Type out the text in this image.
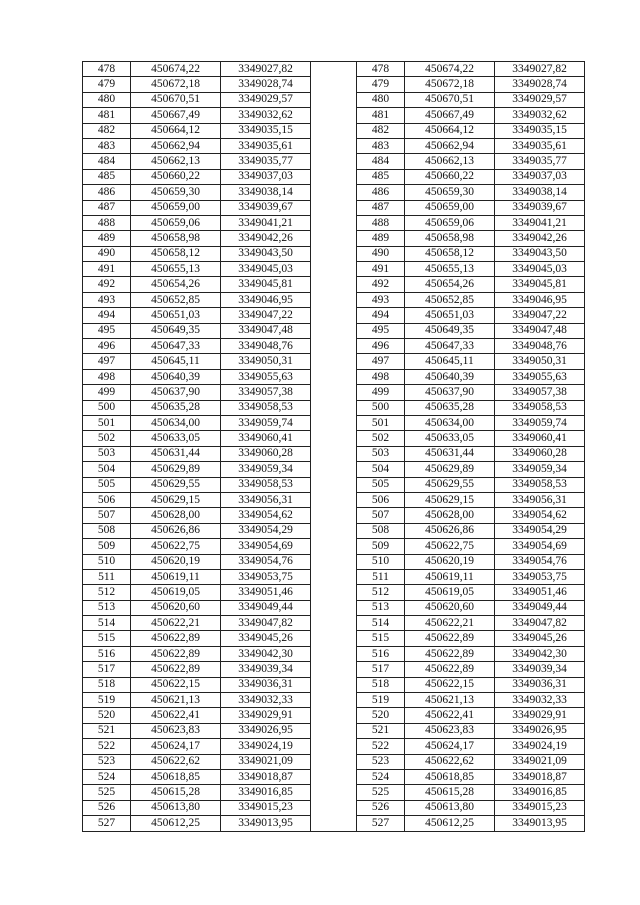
478	450674,22	3349027,82		478	450674,22	3349027,82
479	450672,18	3349028,74		479	450672,18	3349028,74
480	450670,51	3349029,57		480	450670,51	3349029,57
481	450667,49	3349032,62		481	450667,49	3349032,62
482	450664,12	3349035,15		482	450664,12	3349035,15
483	450662,94	3349035,61		483	450662,94	3349035,61
484	450662,13	3349035,77		484	450662,13	3349035,77
485	450660,22	3349037,03		485	450660,22	3349037,03
486	450659,30	3349038,14		486	450659,30	3349038,14
487	450659,00	3349039,67		487	450659,00	3349039,67
488	450659,06	3349041,21		488	450659,06	3349041,21
489	450658,98	3349042,26		489	450658,98	3349042,26
490	450658,12	3349043,50		490	450658,12	3349043,50
491	450655,13	3349045,03		491	450655,13	3349045,03
492	450654,26	3349045,81		492	450654,26	3349045,81
493	450652,85	3349046,95		493	450652,85	3349046,95
494	450651,03	3349047,22		494	450651,03	3349047,22
495	450649,35	3349047,48		495	450649,35	3349047,48
496	450647,33	3349048,76		496	450647,33	3349048,76
497	450645,11	3349050,31		497	450645,11	3349050,31
498	450640,39	3349055,63		498	450640,39	3349055,63
499	450637,90	3349057,38		499	450637,90	3349057,38
500	450635,28	3349058,53		500	450635,28	3349058,53
501	450634,00	3349059,74		501	450634,00	3349059,74
502	450633,05	3349060,41		502	450633,05	3349060,41
503	450631,44	3349060,28		503	450631,44	3349060,28
504	450629,89	3349059,34		504	450629,89	3349059,34
505	450629,55	3349058,53		505	450629,55	3349058,53
506	450629,15	3349056,31		506	450629,15	3349056,31
507	450628,00	3349054,62		507	450628,00	3349054,62
508	450626,86	3349054,29		508	450626,86	3349054,29
509	450622,75	3349054,69		509	450622,75	3349054,69
510	450620,19	3349054,76		510	450620,19	3349054,76
511	450619,11	3349053,75		511	450619,11	3349053,75
512	450619,05	3349051,46		512	450619,05	3349051,46
513	450620,60	3349049,44		513	450620,60	3349049,44
514	450622,21	3349047,82		514	450622,21	3349047,82
515	450622,89	3349045,26		515	450622,89	3349045,26
516	450622,89	3349042,30		516	450622,89	3349042,30
517	450622,89	3349039,34		517	450622,89	3349039,34
518	450622,15	3349036,31		518	450622,15	3349036,31
519	450621,13	3349032,33		519	450621,13	3349032,33
520	450622,41	3349029,91		520	450622,41	3349029,91
521	450623,83	3349026,95		521	450623,83	3349026,95
522	450624,17	3349024,19		522	450624,17	3349024,19
523	450622,62	3349021,09		523	450622,62	3349021,09
524	450618,85	3349018,87		524	450618,85	3349018,87
525	450615,28	3349016,85		525	450615,28	3349016,85
526	450613,80	3349015,23		526	450613,80	3349015,23
527	450612,25	3349013,95		527	450612,25	3349013,95
